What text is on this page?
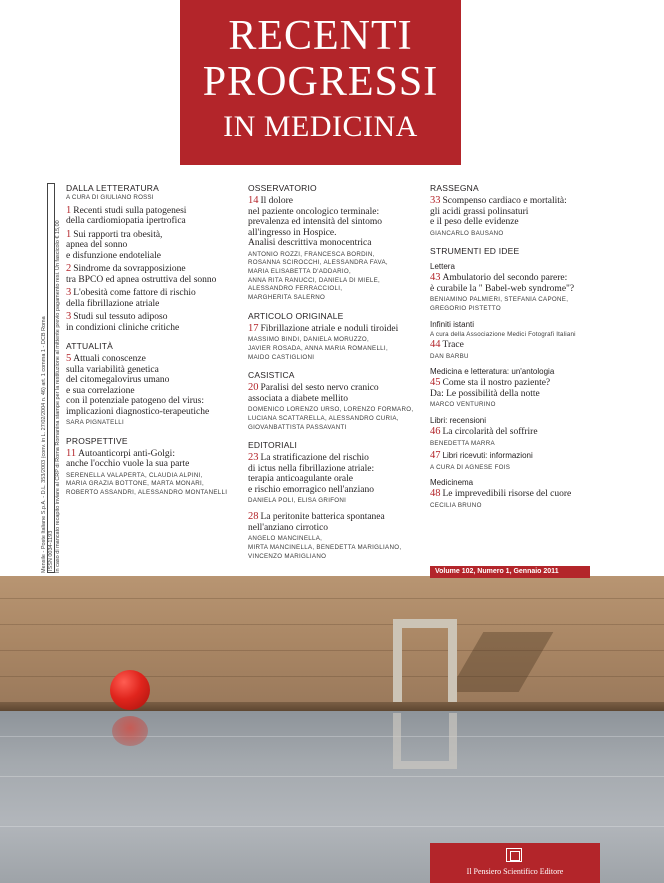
RECENTI
PROGRESSI
IN MEDICINA
Mensile - Poste Italiane S.p.A. - D.L. 353/2003 (conv. in L. 27/02/2004 n. 46) art. 1 comma 1 - DCB Roma ISSN 0034-1193 In caso di mancato recapito inviare al CRP di Roma Romanina stampe per la restituzione al mittente previo pagamento resi. Un fascicolo € 15,00
DALLA LETTERATURA
A CURA DI GIULIANO ROSSI
1 Recenti studi sulla patogenesi
della cardiomiopatia ipertrofica
1 Sui rapporti tra obesità,
apnea del sonno
e disfunzione endoteliale
2 Sindrome da sovrapposizione
tra BPCO ed apnea ostruttiva del sonno
3 L'obesità come fattore di rischio
della fibrillazione atriale
3 Studi sul tessuto adiposo
in condizioni cliniche critiche
ATTUALITÀ
5 Attuali conoscenze
sulla variabilità genetica
del citomegalovirus umano
e sua correlazione
con il potenziale patogeno del virus:
implicazioni diagnostico-terapeutiche
SARA PIGNATELLI
PROSPETTIVE
11 Autoanticorpi anti-Golgi:
anche l'occhio vuole la sua parte
SERENELLA VALAPERTA, CLAUDIA ALPINI,
MARIA GRAZIA BOTTONE, MARTA MONARI,
ROBERTO ASSANDRI, ALESSANDRO MONTANELLI
OSSERVATORIO
14 Il dolore
nel paziente oncologico terminale:
prevalenza ed intensità del sintomo
all'ingresso in Hospice.
Analisi descrittiva monocentrica
ANTONIO ROZZI, FRANCESCA BORDIN,
ROSANNA SCIROCCHI, ALESSANDRA FAVA,
MARIA ELISABETTA D'ADDARIO,
ANNA RITA RANUCCI, DANIELA DI MIELE,
ALESSANDRO FERRACCIOLI,
MARGHERITA SALERNO
ARTICOLO ORIGINALE
17 Fibrillazione atriale e noduli tiroidei
MASSIMO BINDI, DANIELA MORUZZO,
JAVIER ROSADA, ANNA MARIA ROMANELLI,
MAIDO CASTIGLIONI
CASISTICA
20 Paralisi del sesto nervo cranico
associata a diabete mellito
DOMENICO LORENZO URSO, LORENZO FORMARO,
LUCIANA SCATTARELLA, ALESSANDRO CURIA,
GIOVANBATTISTA PASSAVANTI
EDITORIALI
23 La stratificazione del rischio
di ictus nella fibrillazione atriale:
terapia anticoagulante orale
e rischio emorragico nell'anziano
DANIELA POLI, ELISA GRIFONI
28 La peritonite batterica spontanea
nell'anziano cirrotico
ANGELO MANCINELLA,
MIRTA MANCINELLA, BENEDETTA MARIGLIANO,
VINCENZO MARIGLIANO
RASSEGNA
33 Scompenso cardiaco e mortalità:
gli acidi grassi polinsaturi
e il peso delle evidenze
GIANCARLO BAUSANO
STRUMENTI ED IDEE
Lettera
43 Ambulatorio del secondo parere:
è curabile la " Babel-web syndrome"?
BENIAMINO PALMIERI, STEFANIA CAPONE,
GREGORIO PISTETTO
Infiniti istanti
A cura della Associazione Medici Fotografi Italiani
44 Trace
DAN BARBU
Medicina e letteratura: un'antologia
45 Come sta il nostro paziente?
Da: Le possibilità della notte
MARCO VENTURINO
Libri: recensioni
46 La circolarità del soffrire
BENEDETTA MARRA
47 Libri ricevuti: informazioni
A CURA DI AGNESE FOIS
Medicinema
48 Le imprevedibili risorse del cuore
CECILIA BRUNO
Volume 102, Numero 1, Gennaio 2011
Il Pensiero Scientifico Editore
